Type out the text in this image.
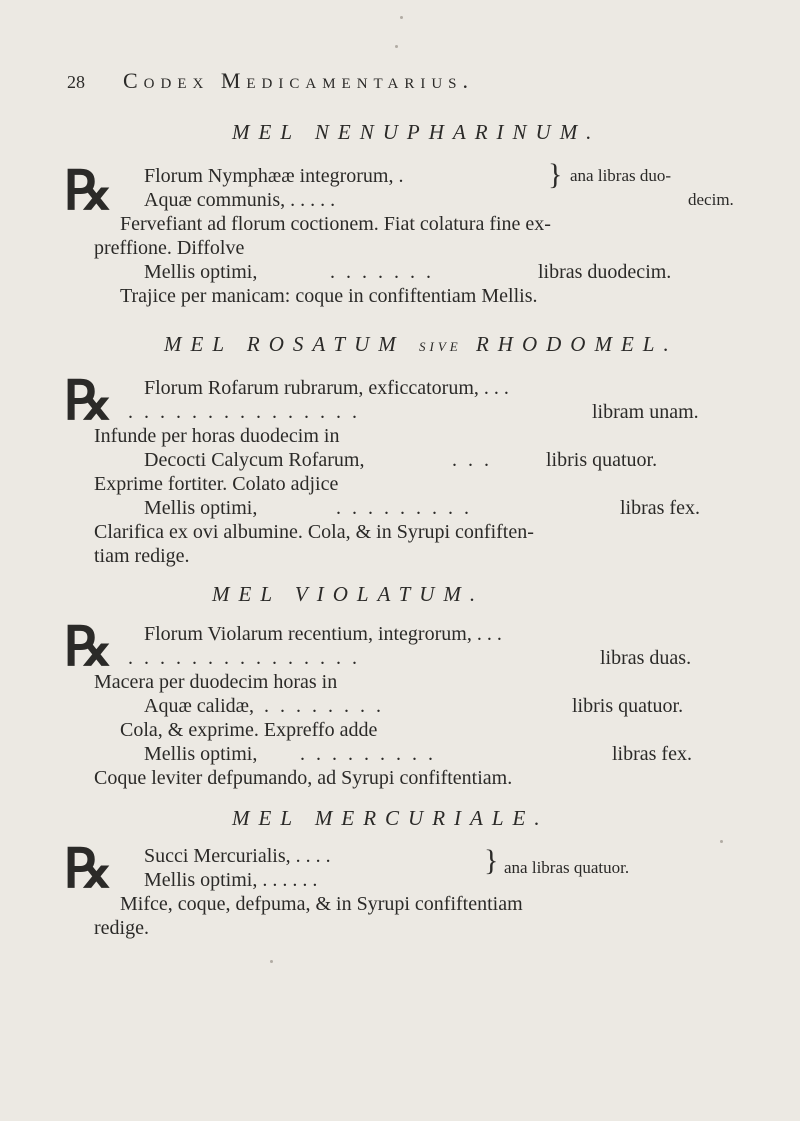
28 Codex Medicamentarius.
MEL NENUPHARINUM.
℞ Florum Nymphææ integrorum, .
Aquæ communis, . . . . .
} ana libras duo-
decim.
Fervefiant ad florum coctionem. Fiat colatura fine ex-
preffione. Diffolve
Mellis optimi,	. . . . . . .	libras duodecim.
Trajice per manicam: coque in confiftentiam Mellis.
MEL ROSATUM SIVE RHODOMEL.
℞ Florum Rofarum rubrarum, exficcatorum, . . .
. . . . . . . . . . . . . . .	libram unam.
Infunde per horas duodecim in
Decocti Calycum Rofarum,	. . .	libris quatuor.
Exprime fortiter. Colato adjice
Mellis optimi,	. . . . . . . . .	libras fex.
Clarifica ex ovi albumine. Cola, & in Syrupi confiften-
tiam redige.
MEL VIOLATUM.
℞ Florum Violarum recentium, integrorum, . . .
. . . . . . . . . . . . . . .	libras duas.
Macera per duodecim horas in
Aquæ calidæ, . . . . . . . .	libris quatuor.
Cola, & exprime. Expreffo adde
Mellis optimi, . . . . . . . . .	libras fex.
Coque leviter defpumando, ad Syrupi confiftentiam.
MEL MERCURIALE.
℞ Succi Mercurialis, . . . .
Mellis optimi, . . . . . .
} ana libras quatuor.
Mifce, coque, defpuma, & in Syrupi confiftentiam
redige.
